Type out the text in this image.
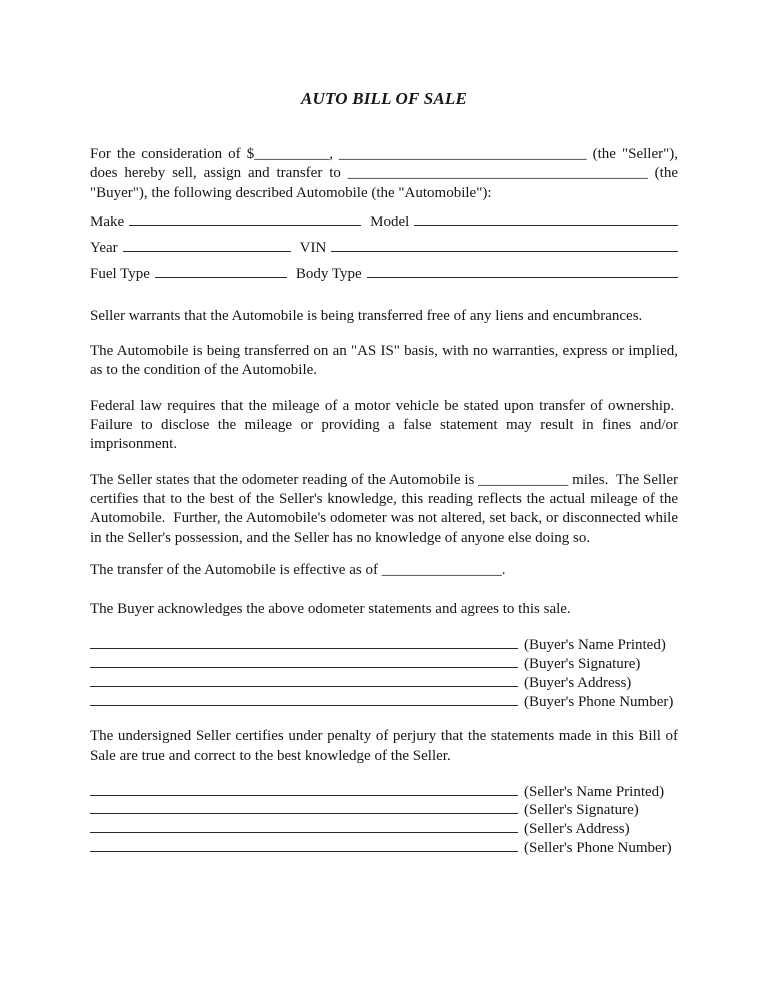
AUTO BILL OF SALE

For the consideration of $__________, _________________________________ (the "Seller"), does hereby sell, assign and transfer to ________________________________________ (the "Buyer"), the following described Automobile (the "Automobile"):

Make	Model
Year	VIN
Fuel Type	Body Type

Seller warrants that the Automobile is being transferred free of any liens and encumbrances.

The Automobile is being transferred on an "AS IS" basis, with no warranties, express or implied, as to the condition of the Automobile.

Federal law requires that the mileage of a motor vehicle be stated upon transfer of ownership.  Failure to disclose the mileage or providing a false statement may result in fines and/or imprisonment.

The Seller states that the odometer reading of the Automobile is ____________ miles.  The Seller certifies that to the best of the Seller's knowledge, this reading reflects the actual mileage of the Automobile.  Further, the Automobile's odometer was not altered, set back, or disconnected while in the Seller's possession, and the Seller has no knowledge of anyone else doing so.

The transfer of the Automobile is effective as of ________________.

The Buyer acknowledges the above odometer statements and agrees to this sale.

(Buyer's Name Printed)
(Buyer's Signature)
(Buyer's Address)
(Buyer's Phone Number)

The undersigned Seller certifies under penalty of perjury that the statements made in this Bill of Sale are true and correct to the best knowledge of the Seller.

(Seller's Name Printed)
(Seller's Signature)
(Seller's Address)
(Seller's Phone Number)
